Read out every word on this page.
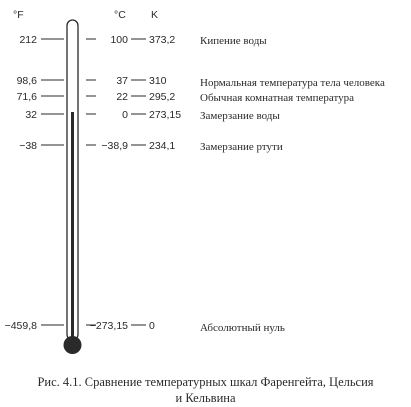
°F	°C K
212	100 373,2 Кипение воды
98,6	37 310	Нормальная температура тела человека
71,6	22 295,2 Обычная комнатная температура
32	0 273,15 Замерзание воды
−38	−38,9 234,1 Замерзание ртути
−459,8	−273,15 0	Абсолютный нуль
Рис. 4.1. Сравнение температурных шкал Фаренгейта, Цельсия
и Кельвина
